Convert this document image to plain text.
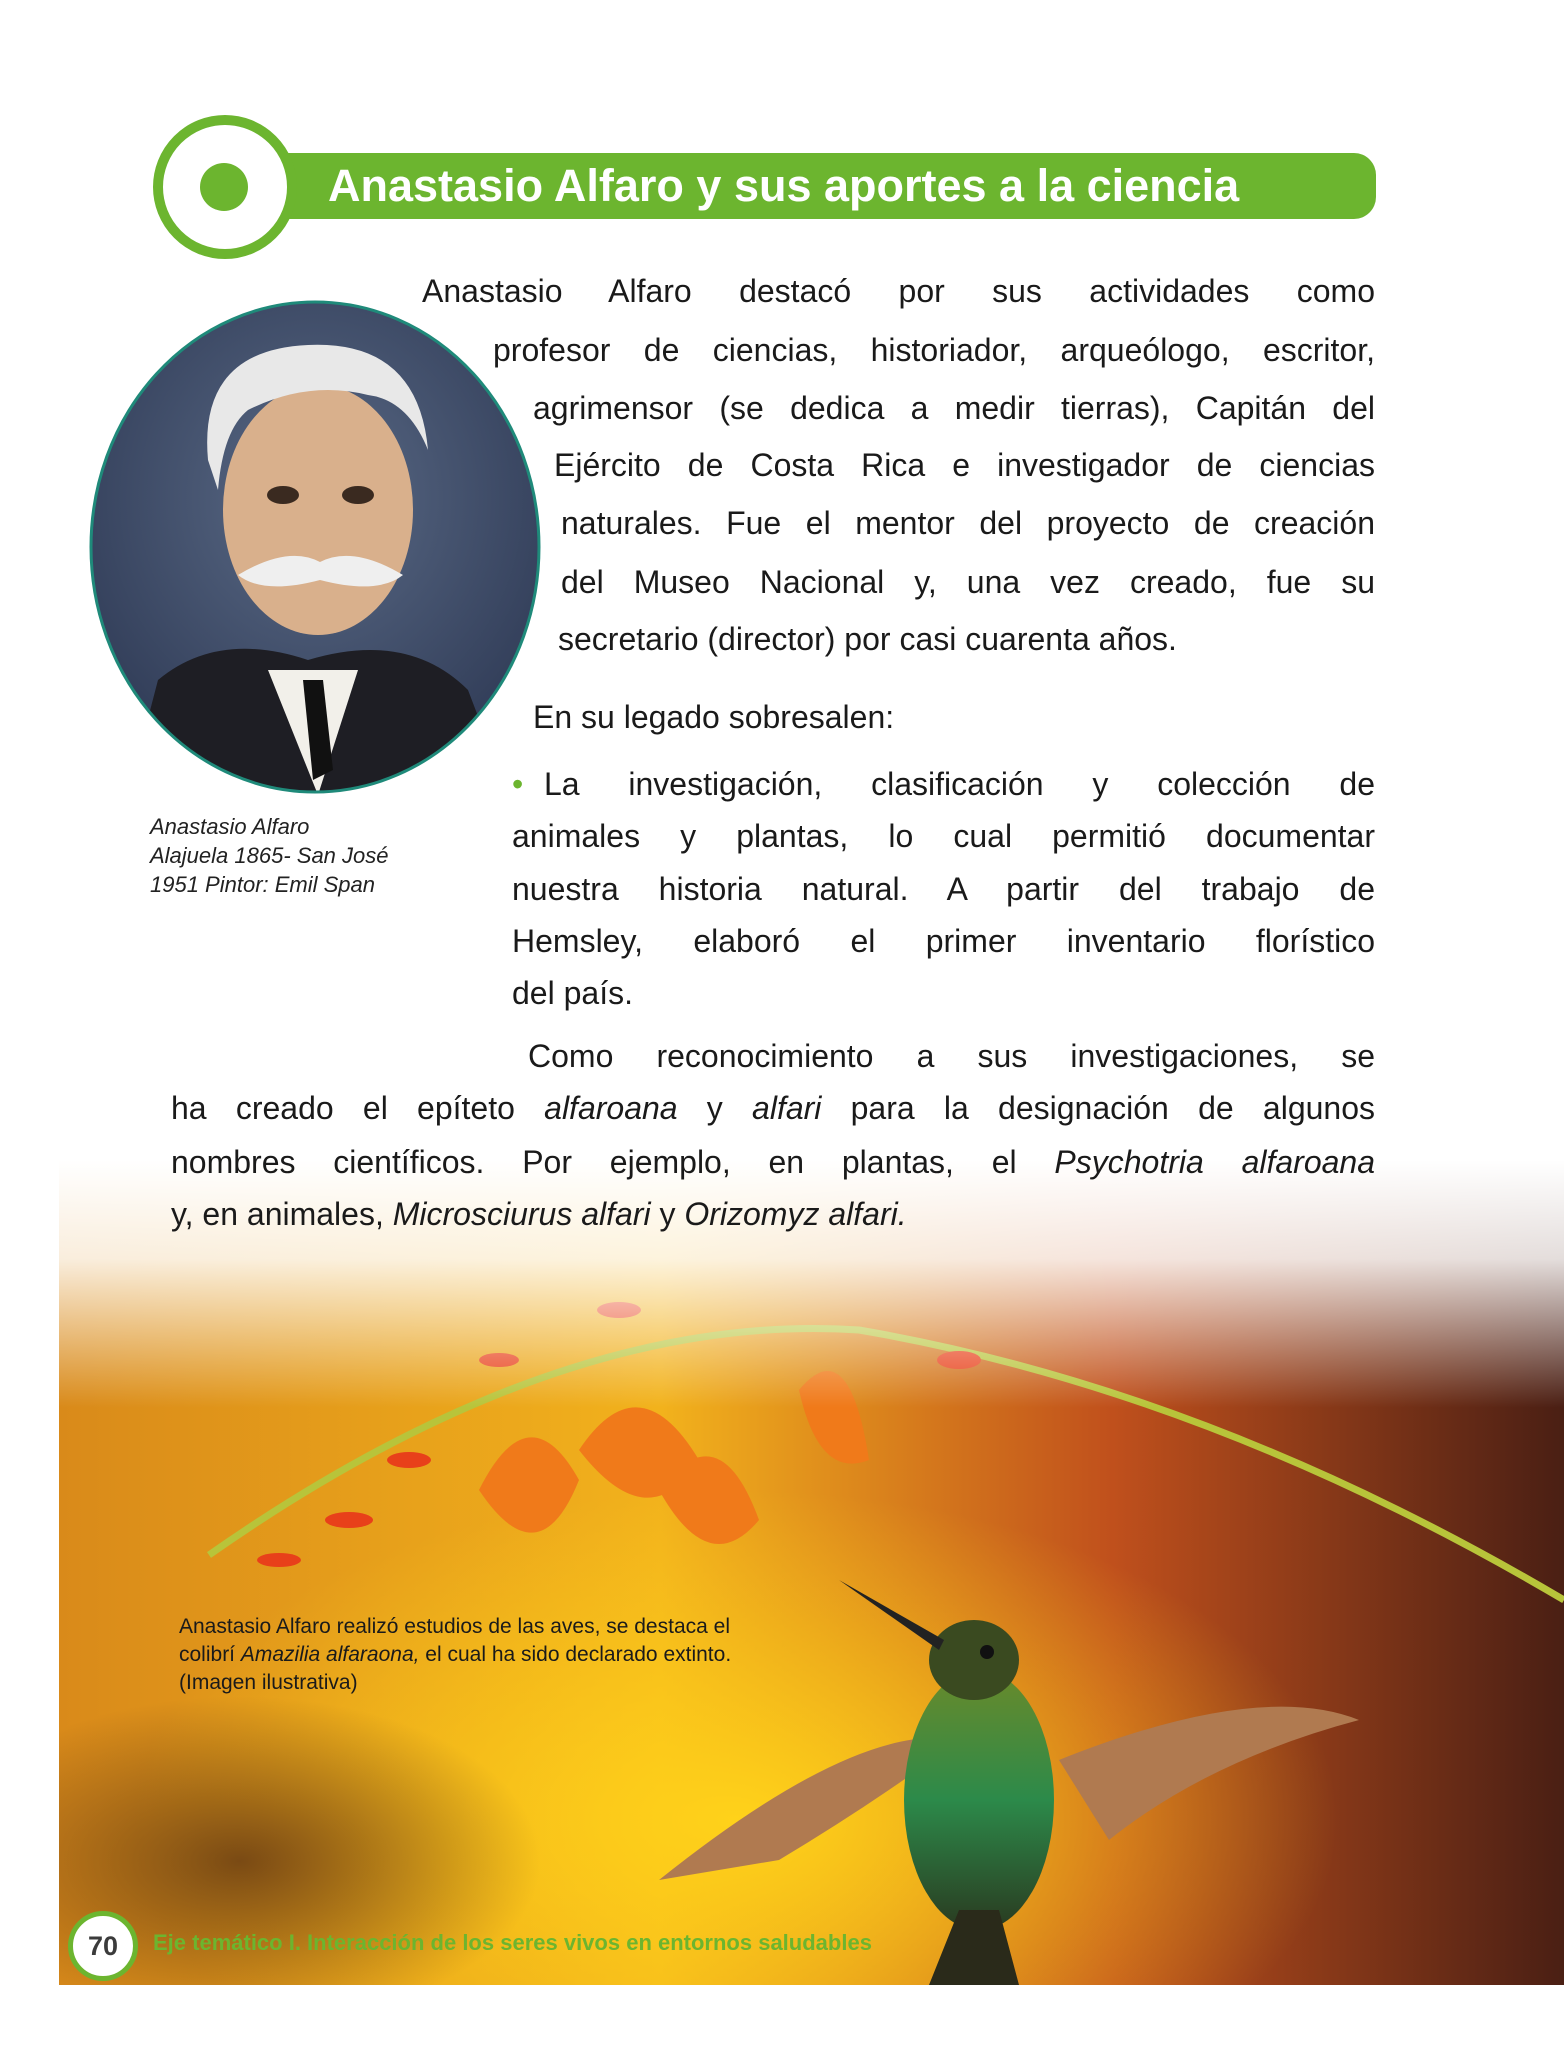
Anastasio Alfaro y sus aportes a la ciencia
Anastasio Alfaro
Alajuela 1865- San José
1951 Pintor: Emil Span
Anastasio Alfaro destacó por sus actividades como
profesor de ciencias, historiador, arqueólogo, escritor,
agrimensor (se dedica a medir tierras), Capitán del
Ejército de Costa Rica e investigador de ciencias
naturales. Fue el mentor del proyecto de creación
del Museo Nacional y, una vez creado, fue su
secretario (director) por casi cuarenta años.
En su legado sobresalen:
• La investigación, clasificación y colección de
animales y plantas, lo cual permitió documentar
nuestra historia natural. A partir del trabajo de
Hemsley, elaboró el primer inventario florístico
del país.
Como reconocimiento a sus investigaciones, se
ha creado el epíteto alfaroana y alfari para la designación de algunos
nombres científicos. Por ejemplo, en plantas, el Psychotria alfaroana
y, en animales, Microsciurus alfari y Orizomyz alfari.
Anastasio Alfaro realizó estudios de las aves, se destaca el
colibrí Amazilia alfaraona, el cual ha sido declarado extinto.
(Imagen ilustrativa)
70	Eje temático I. Interacción de los seres vivos en entornos saludables
